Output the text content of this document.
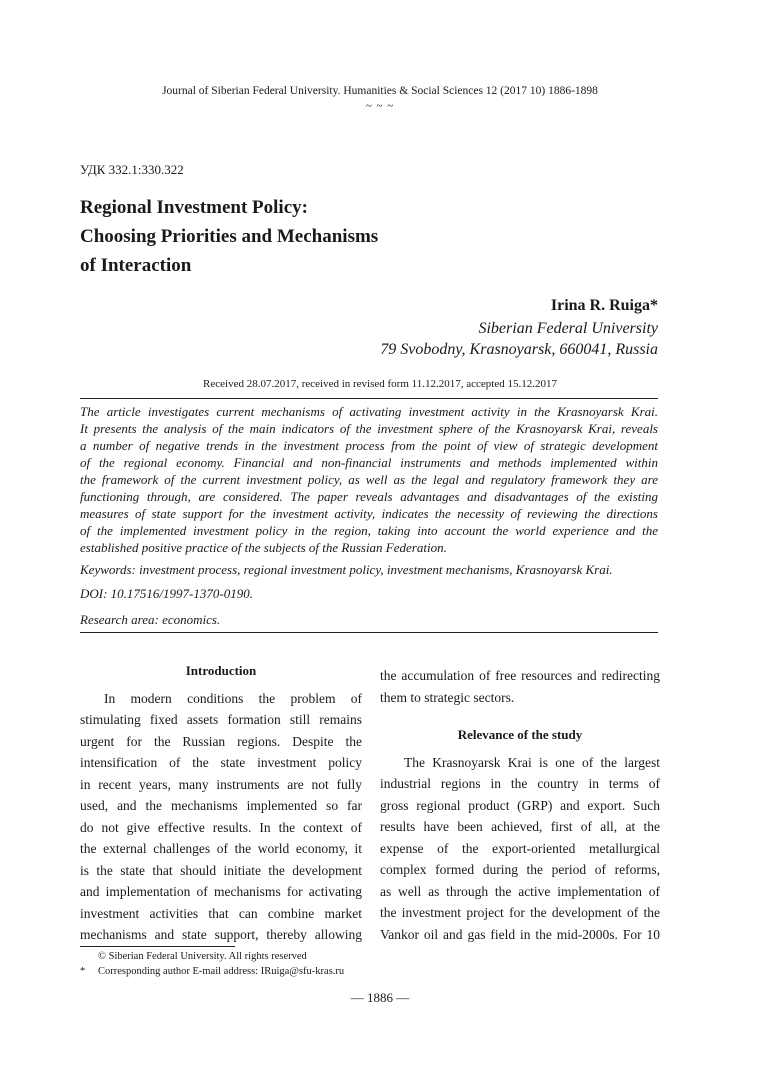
Journal of Siberian Federal University. Humanities & Social Sciences 12 (2017 10) 1886-1898
~ ~ ~
УДК 332.1:330.322
Regional Investment Policy:
Choosing Priorities and Mechanisms
of Interaction
Irina R. Ruiga*
Siberian Federal University
79 Svobodny, Krasnoyarsk, 660041, Russia
Received 28.07.2017, received in revised form 11.12.2017, accepted 15.12.2017
The article investigates current mechanisms of activating investment activity in the Krasnoyarsk Krai.
It presents the analysis of the main indicators of the investment sphere of the Krasnoyarsk Krai, reveals
a number of negative trends in the investment process from the point of view of strategic development
of the regional economy. Financial and non-financial instruments and methods implemented within
the framework of the current investment policy, as well as the legal and regulatory framework they are
functioning through, are considered. The paper reveals advantages and disadvantages of the existing
measures of state support for the investment activity, indicates the necessity of reviewing the directions
of the implemented investment policy in the region, taking into account the world experience and the
established positive practice of the subjects of the Russian Federation.
Keywords: investment process, regional investment policy, investment mechanisms, Krasnoyarsk Krai.
DOI: 10.17516/1997-1370-0190.
Research area: economics.
Introduction
In modern conditions the problem of
stimulating fixed assets formation still remains
urgent for the Russian regions. Despite the
intensification of the state investment policy
in recent years, many instruments are not fully
used, and the mechanisms implemented so far
do not give effective results. In the context of
the external challenges of the world economy, it
is the state that should initiate the development
and implementation of mechanisms for activating
investment activities that can combine market
mechanisms and state support, thereby allowing
the accumulation of free resources and redirecting
them to strategic sectors.
Relevance of the study
The Krasnoyarsk Krai is one of the largest
industrial regions in the country in terms of
gross regional product (GRP) and export. Such
results have been achieved, first of all, at the
expense of the export-oriented metallurgical
complex formed during the period of reforms,
as well as through the active implementation of
the investment project for the development of the
Vankor oil and gas field in the mid-2000s. For 10
© Siberian Federal University. All rights reserved
* Corresponding author E-mail address: IRuiga@sfu-kras.ru
― 1886 ―
